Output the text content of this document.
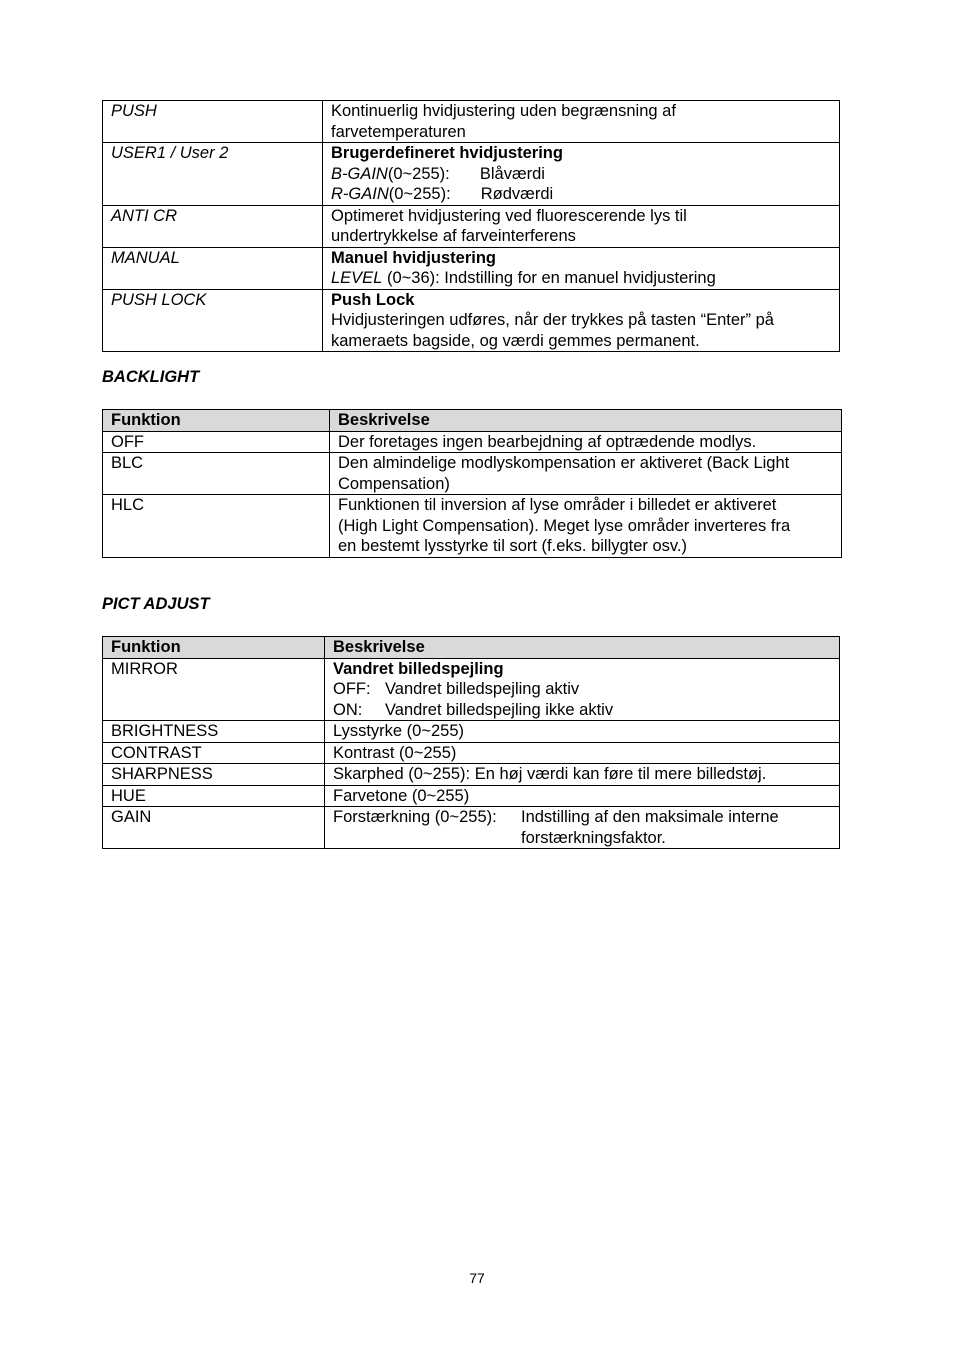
PUSH	Kontinuerlig hvidjustering uden begrænsning af
farvetemperaturen

USER1 / User 2	Brugerdefineret hvidjustering
B-GAIN(0~255): Blåværdi
R-GAIN(0~255): Rødværdi

ANTI CR	Optimeret hvidjustering ved fluorescerende lys til
undertrykkelse af farveinterferens

MANUAL	Manuel hvidjustering
LEVEL (0~36): Indstilling for en manuel hvidjustering

PUSH LOCK	Push Lock
Hvidjusteringen udføres, når der trykkes på tasten “Enter” på
kameraets bagside, og værdi gemmes permanent.
BACKLIGHT
Funktion	Beskrivelse
OFF	Der foretages ingen bearbejdning af optrædende modlys.

BLC	Den almindelige modlyskompensation er aktiveret (Back Light
Compensation)

HLC	Funktionen til inversion af lyse områder i billedet er aktiveret
(High Light Compensation). Meget lyse områder inverteres fra
en bestemt lysstyrke til sort (f.eks. billygter osv.)
PICT ADJUST
Funktion	Beskrivelse
MIRROR	Vandret billedspejling
OFF: Vandret billedspejling aktiv
ON: Vandret billedspejling ikke aktiv

BRIGHTNESS	Lysstyrke (0~255)
CONTRAST	Kontrast (0~255)
SHARPNESS	Skarphed (0~255): En høj værdi kan føre til mere billedstøj.
HUE	Farvetone (0~255)
GAIN	Forstærkning (0~255): Indstilling af den maksimale interne
forstærkningsfaktor.
77
